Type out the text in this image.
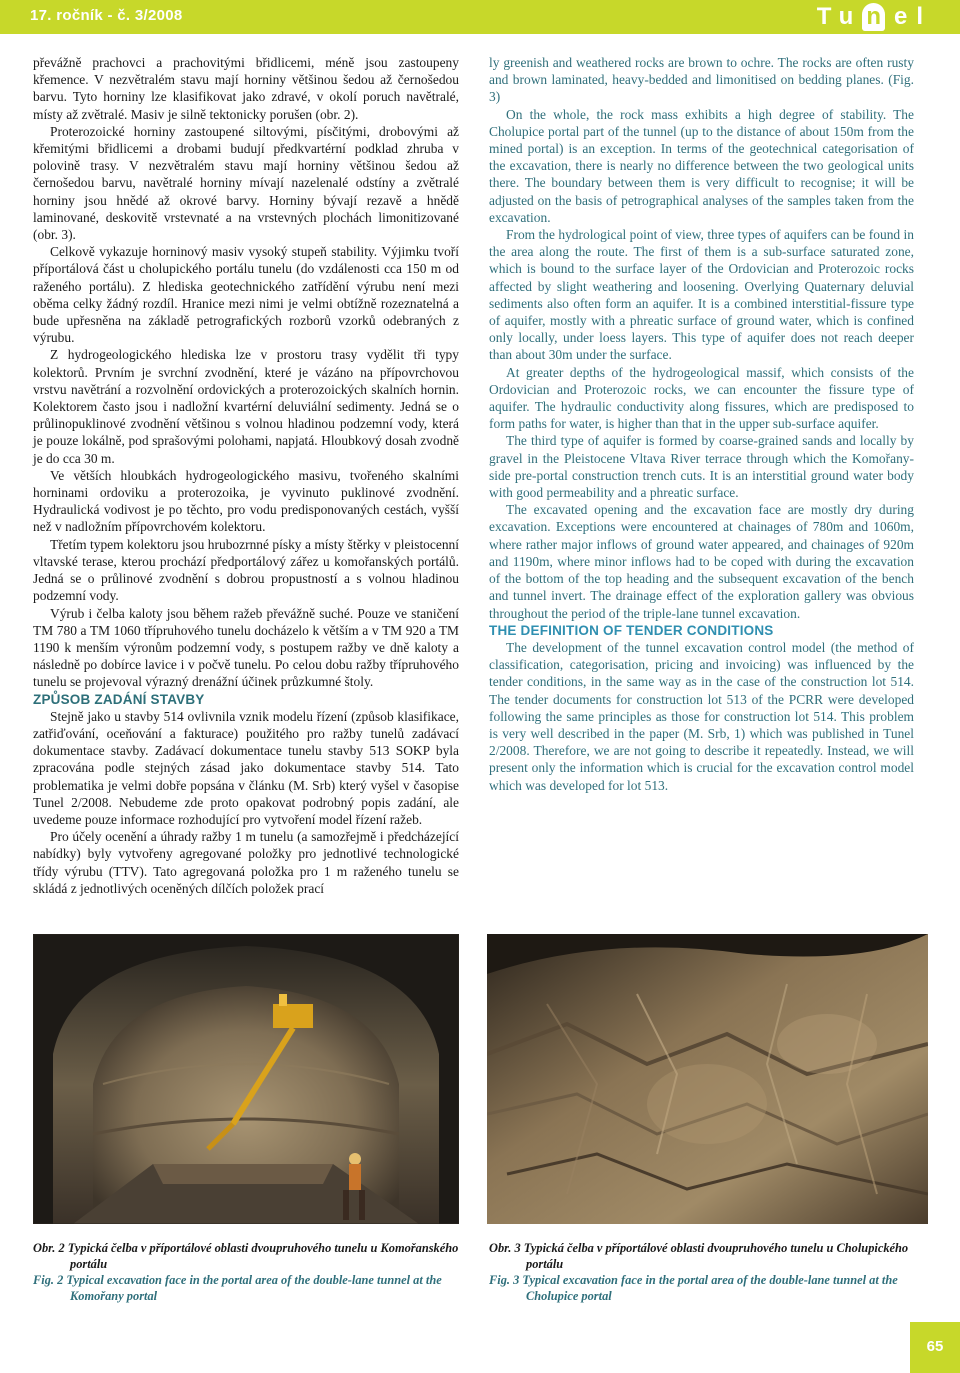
17. ročník - č. 3/2008	Tu n el

převážně prachovci a prachovitými břidlicemi, méně jsou zastoupeny křemence. V nezvětralém stavu mají horniny většinou šedou až černošedou barvu. Tyto horniny lze klasifikovat jako zdravé, v okolí poruch navětralé, místy až zvětralé. Masiv je silně tektonicky porušen (obr. 2).

Proterozoické horniny zastoupené siltovými, písčitými, drobovými až křemitými břidlicemi a drobami budují předkvartérní podklad zhruba v polovině trasy. V nezvětralém stavu mají horniny většinou šedou až černošedou barvu, navětralé horniny mívají nazelenalé odstíny a zvětralé horniny jsou hnědé až okrové barvy. Horniny bývají rezavě a hnědě laminované, deskovitě vrstevnaté a na vrstevných plochách limonitizované (obr. 3).

Celkově vykazuje horninový masiv vysoký stupeň stability. Výjimku tvoří příportálová část u cholupického portálu tunelu (do vzdálenosti cca 150 m od raženého portálu). Z hlediska geotechnického zatřídění výrubu není mezi oběma celky žádný rozdíl. Hranice mezi nimi je velmi obtížně rozeznatelná a bude upřesněna na základě petrografických rozborů vzorků odebraných z výrubu.

Z hydrogeologického hlediska lze v prostoru trasy vydělit tři typy kolektorů. Prvním je svrchní zvodnění, které je vázáno na přípovrchovou vrstvu navětrání a rozvolnění ordovických a proterozoických skalních hornin. Kolektorem často jsou i nadložní kvartérní deluviální sedimenty. Jedná se o průlinopuklinové zvodnění většinou s volnou hladinou podzemní vody, která je pouze lokálně, pod sprašovými polohami, napjatá. Hloubkový dosah zvodně je do cca 30 m.

Ve větších hloubkách hydrogeologického masivu, tvořeného skalními horninami ordoviku a proterozoika, je vyvinuto puklinové zvodnění. Hydraulická vodivost je po těchto, pro vodu predisponovaných cestách, vyšší než v nadložním přípovrchovém kolektoru.

Třetím typem kolektoru jsou hrubozrnné písky a místy štěrky v pleistocenní vltavské terase, kterou prochází předportálový zářez u komořanských portálů. Jedná se o průlinové zvodnění s dobrou propustností a s volnou hladinou podzemní vody.

Výrub i čelba kaloty jsou během ražeb převážně suché. Pouze ve staničení TM 780 a TM 1060 třípruhového tunelu docházelo k větším a v TM 920 a TM 1190 k menším výronům podzemní vody, s postupem ražby ve dně kaloty a následně po dobírce lavice i v počvě tunelu. Po celou dobu ražby třípruhového tunelu se projevoval výrazný drenážní účinek průzkumné štoly.

ZPŮSOB ZADÁNÍ STAVBY

Stejně jako u stavby 514 ovlivnila vznik modelu řízení (způsob klasifikace, zatřiďování, oceňování a fakturace) použitého pro ražby tunelů zadávací dokumentace stavby. Zadávací dokumentace tunelu stavby 513 SOKP byla zpracována podle stejných zásad jako dokumentace stavby 514. Tato problematika je velmi dobře popsána v článku (M. Srb) který vyšel v časopise Tunel 2/2008. Nebudeme zde proto opakovat podrobný popis zadání, ale uvedeme pouze informace rozhodující pro vytvoření model řízení ražeb.

Pro účely ocenění a úhrady ražby 1 m tunelu (a samozřejmě i předcházející nabídky) byly vytvořeny agregované položky pro jednotlivé technologické třídy výrubu (TTV). Tato agregovaná položka pro 1 m raženého tunelu se skládá z jednotlivých oceněných dílčích položek prací

ly greenish and weathered rocks are brown to ochre. The rocks are often rusty and brown laminated, heavy-bedded and limonitised on bedding planes. (Fig. 3)

On the whole, the rock mass exhibits a high degree of stability. The Cholupice portal part of the tunnel (up to the distance of about 150m from the mined portal) is an exception. In terms of the geotechnical categorisation of the excavation, there is nearly no difference between the two geological units there. The boundary between them is very difficult to recognise; it will be adjusted on the basis of petrographical analyses of the samples taken from the excavation.

From the hydrological point of view, three types of aquifers can be found in the area along the route. The first of them is a sub-surface saturated zone, which is bound to the surface layer of the Ordovician and Proterozoic rocks affected by slight weathering and loosening. Overlying Quaternary deluvial sediments also often form an aquifer. It is a combined interstitial-fissure type of aquifer, mostly with a phreatic surface of ground water, which is confined only locally, under loess layers. This type of aquifer does not reach deeper than about 30m under the surface.

At greater depths of the hydrogeological massif, which consists of the Ordovician and Proterozoic rocks, we can encounter the fissure type of aquifer. The hydraulic conductivity along fissures, which are predisposed to form paths for water, is higher than that in the upper sub-surface aquifer.

The third type of aquifer is formed by coarse-grained sands and locally by gravel in the Pleistocene Vltava River terrace through which the Komořany-side pre-portal construction trench cuts. It is an interstitial ground water body with good permeability and a phreatic surface.

The excavated opening and the excavation face are mostly dry during excavation. Exceptions were encountered at chainages of 780m and 1060m, where rather major inflows of ground water appeared, and chainages of 920m and 1190m, where minor inflows had to be coped with during the excavation of the bottom of the top heading and the subsequent excavation of the bench and tunnel invert. The drainage effect of the exploration gallery was obvious throughout the period of the triple-lane tunnel excavation.

THE DEFINITION OF TENDER CONDITIONS

The development of the tunnel excavation control model (the method of classification, categorisation, pricing and invoicing) was influenced by the tender conditions, in the same way as in the case of the construction lot 514. The tender documents for construction lot 513 of the PCRR were developed following the same principles as those for construction lot 514. This problem is very well described in the paper (M. Srb, 1) which was published in Tunel 2/2008. Therefore, we are not going to describe it repeatedly. Instead, we will present only the information which is crucial for the excavation control model which was developed for lot 513.

Obr. 2 Typická čelba v příportálové oblasti dvoupruhového tunelu u Komořanského portálu
Fig. 2 Typical excavation face in the portal area of the double-lane tunnel at the Komořany portal
Obr. 3 Typická čelba v příportálové oblasti dvoupruhového tunelu u Cholupického portálu
Fig. 3 Typical excavation face in the portal area of the double-lane tunnel at the Cholupice portal
65
